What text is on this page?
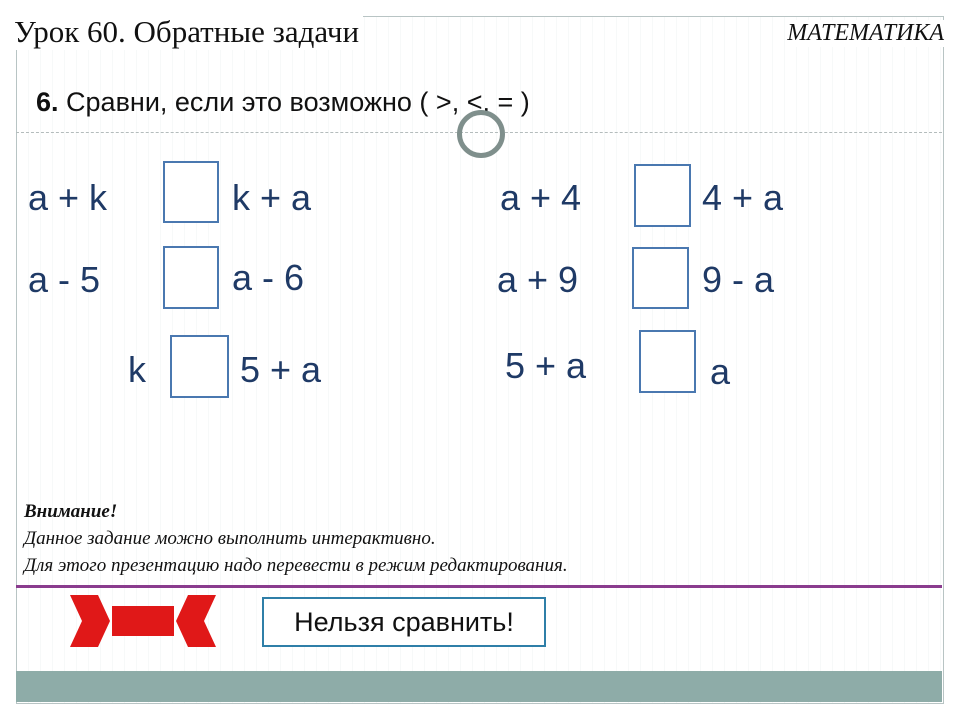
Урок 60. Обратные задачи	МАТЕМАТИКА
6. Сравни, если это возможно ( >, <, = )
a + k	k + a	a + 4	4 + a
a - 5	a - 6	a + 9	9 - a
k	5 + a	5 + a	a
Внимание!
Данное задание можно выполнить интерактивно.
Для этого презентацию надо перевести в режим редактирования.
Нельзя сравнить!
